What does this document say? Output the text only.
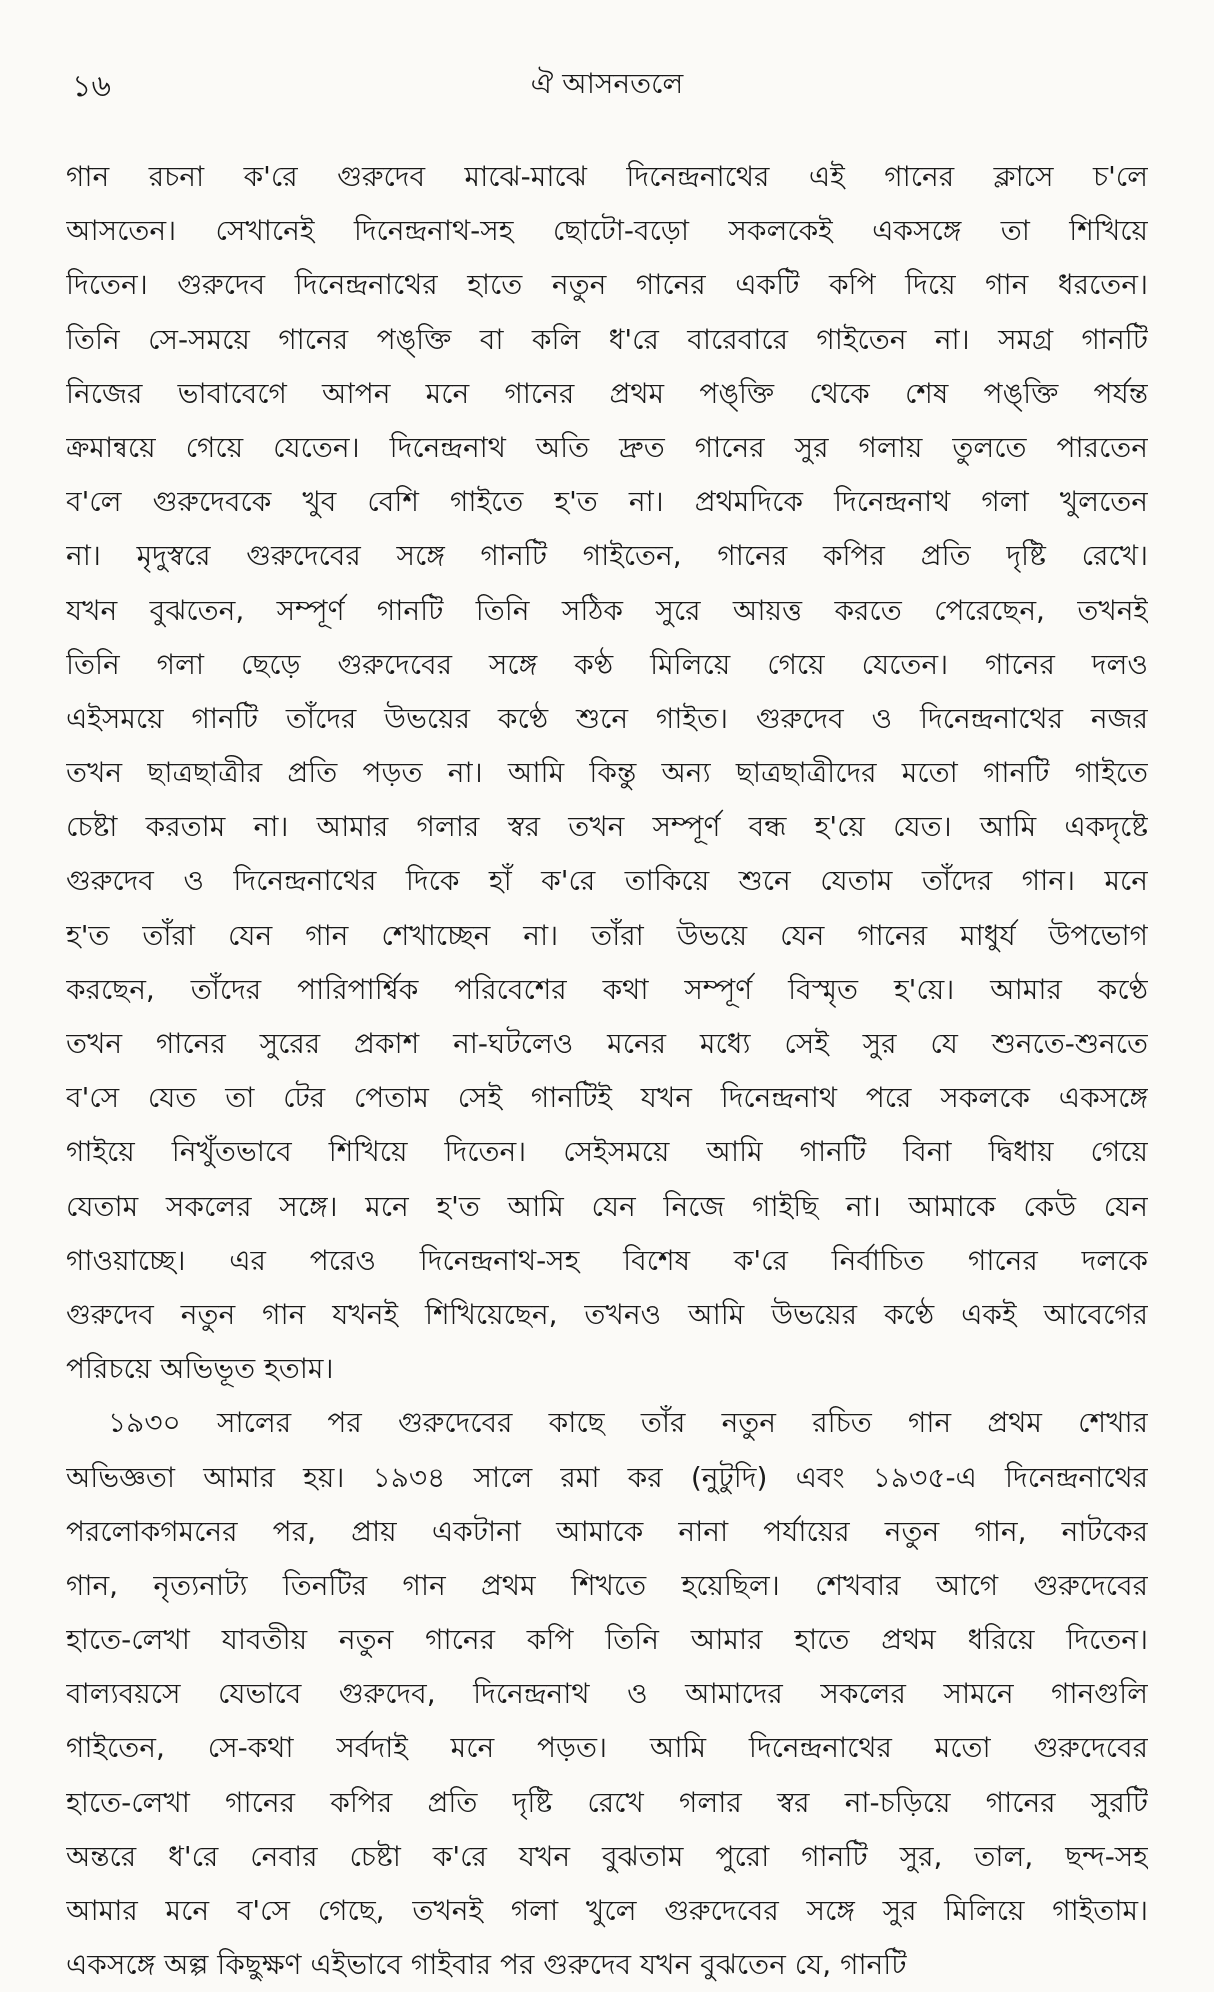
১৬	ঐ আসনতলে
গান রচনা ক'রে গুরুদেব মাঝে-মাঝে দিনেন্দ্রনাথের এই গানের ক্লাসে চ'লে
আসতেন। সেখানেই দিনেন্দ্রনাথ-সহ ছোটো-বড়ো সকলকেই একসঙ্গে তা শিখিয়ে
দিতেন। গুরুদেব দিনেন্দ্রনাথের হাতে নতুন গানের একটি কপি দিয়ে গান ধরতেন।
তিনি সে-সময়ে গানের পঙ্‌ক্তি বা কলি ধ'রে বারেবারে গাইতেন না। সমগ্র গানটি
নিজের ভাবাবেগে আপন মনে গানের প্রথম পঙ্‌ক্তি থেকে শেষ পঙ্‌ক্তি পর্যন্ত
ক্রমান্বয়ে গেয়ে যেতেন। দিনেন্দ্রনাথ অতি দ্রুত গানের সুর গলায় তুলতে পারতেন
ব'লে গুরুদেবকে খুব বেশি গাইতে হ'ত না। প্রথমদিকে দিনেন্দ্রনাথ গলা খুলতেন
না। মৃদুস্বরে গুরুদেবের সঙ্গে গানটি গাইতেন, গানের কপির প্রতি দৃষ্টি রেখে।
যখন বুঝতেন, সম্পূর্ণ গানটি তিনি সঠিক সুরে আয়ত্ত করতে পেরেছেন, তখনই
তিনি গলা ছেড়ে গুরুদেবের সঙ্গে কণ্ঠ মিলিয়ে গেয়ে যেতেন। গানের দলও
এইসময়ে গানটি তাঁদের উভয়ের কণ্ঠে শুনে গাইত। গুরুদেব ও দিনেন্দ্রনাথের নজর
তখন ছাত্রছাত্রীর প্রতি পড়ত না। আমি কিন্তু অন্য ছাত্রছাত্রীদের মতো গানটি গাইতে
চেষ্টা করতাম না। আমার গলার স্বর তখন সম্পূর্ণ বন্ধ হ'য়ে যেত। আমি একদৃষ্টে
গুরুদেব ও দিনেন্দ্রনাথের দিকে হাঁ ক'রে তাকিয়ে শুনে যেতাম তাঁদের গান। মনে
হ'ত তাঁরা যেন গান শেখাচ্ছেন না। তাঁরা উভয়ে যেন গানের মাধুর্য উপভোগ
করছেন, তাঁদের পারিপার্শ্বিক পরিবেশের কথা সম্পূর্ণ বিস্মৃত হ'য়ে। আমার কণ্ঠে
তখন গানের সুরের প্রকাশ না-ঘটলেও মনের মধ্যে সেই সুর যে শুনতে-শুনতে
ব'সে যেত তা টের পেতাম সেই গানটিই যখন দিনেন্দ্রনাথ পরে সকলকে একসঙ্গে
গাইয়ে নিখুঁতভাবে শিখিয়ে দিতেন। সেইসময়ে আমি গানটি বিনা দ্বিধায় গেয়ে
যেতাম সকলের সঙ্গে। মনে হ'ত আমি যেন নিজে গাইছি না। আমাকে কেউ যেন
গাওয়াচ্ছে। এর পরেও দিনেন্দ্রনাথ-সহ বিশেষ ক'রে নির্বাচিত গানের দলকে
গুরুদেব নতুন গান যখনই শিখিয়েছেন, তখনও আমি উভয়ের কণ্ঠে একই আবেগের
পরিচয়ে অভিভূত হতাম।
১৯৩০ সালের পর গুরুদেবের কাছে তাঁর নতুন রচিত গান প্রথম শেখার
অভিজ্ঞতা আমার হয়। ১৯৩৪ সালে রমা কর (নুটুদি) এবং ১৯৩৫-এ দিনেন্দ্রনাথের
পরলোকগমনের পর, প্রায় একটানা আমাকে নানা পর্যায়ের নতুন গান, নাটকের
গান, নৃত্যনাট্য তিনটির গান প্রথম শিখতে হয়েছিল। শেখবার আগে গুরুদেবের
হাতে-লেখা যাবতীয় নতুন গানের কপি তিনি আমার হাতে প্রথম ধরিয়ে দিতেন।
বাল্যবয়সে যেভাবে গুরুদেব, দিনেন্দ্রনাথ ও আমাদের সকলের সামনে গানগুলি
গাইতেন, সে-কথা সর্বদাই মনে পড়ত। আমি দিনেন্দ্রনাথের মতো গুরুদেবের
হাতে-লেখা গানের কপির প্রতি দৃষ্টি রেখে গলার স্বর না-চড়িয়ে গানের সুরটি
অন্তরে ধ'রে নেবার চেষ্টা ক'রে যখন বুঝতাম পুরো গানটি সুর, তাল, ছন্দ-সহ
আমার মনে ব'সে গেছে, তখনই গলা খুলে গুরুদেবের সঙ্গে সুর মিলিয়ে গাইতাম।
একসঙ্গে অল্প কিছুক্ষণ এইভাবে গাইবার পর গুরুদেব যখন বুঝতেন যে, গানটি
